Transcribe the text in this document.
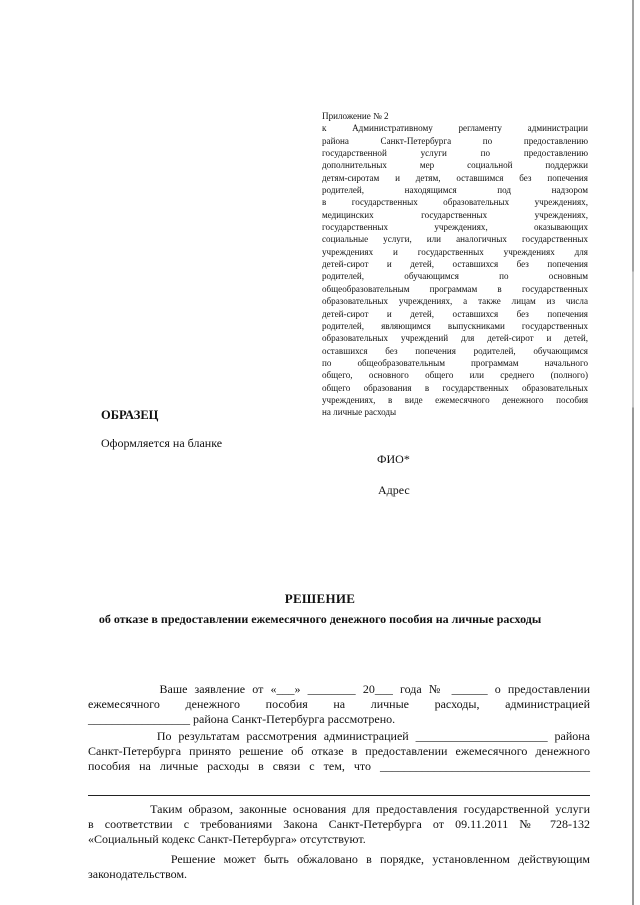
Приложение № 2
к Административному регламенту администрации
района Санкт-Петербурга по предоставлению
государственной услуги по предоставлению
дополнительных мер социальной поддержки
детям-сиротам и детям, оставшимся без попечения
родителей, находящимся под надзором
в государственных образовательных учреждениях,
медицинских государственных учреждениях,
государственных учреждениях, оказывающих
социальные услуги, или аналогичных государственных
учреждениях и государственных учреждениях для
детей-сирот и детей, оставшихся без попечения
родителей, обучающимся по основным
общеобразовательным программам в государственных
образовательных учреждениях, а также лицам из числа
детей-сирот и детей, оставшихся без попечения
родителей, являющимся выпускниками государственных
образовательных учреждений для детей-сирот и детей,
оставшихся без попечения родителей, обучающимся
по общеобразовательным программам начального
общего, основного общего или среднего (полного)
общего образования в государственных образовательных
учреждениях, в виде ежемесячного денежного пособия
на личные расходы
ОБРАЗЕЦ
Оформляется на бланке
ФИО*
Адрес
РЕШЕНИЕ
об отказе в предоставлении ежемесячного денежного пособия на личные расходы
Ваше заявление от «___» ________ 20___ года № ______ о предоставлении
ежемесячного денежного пособия на личные расходы, администрацией
_________________ района Санкт-Петербурга рассмотрено.
По результатам рассмотрения администрацией ______________________ района
Санкт-Петербурга принято решение об отказе в предоставлении ежемесячного денежного
пособия на личные расходы в связи с тем, что ___________________________________
Таким образом, законные основания для предоставления государственной услуги
в соответствии с требованиями Закона Санкт-Петербурга от 09.11.2011 № 728-132
«Социальный кодекс Санкт-Петербурга» отсутствуют.
Решение может быть обжаловано в порядке, установленном действующим
законодательством.
